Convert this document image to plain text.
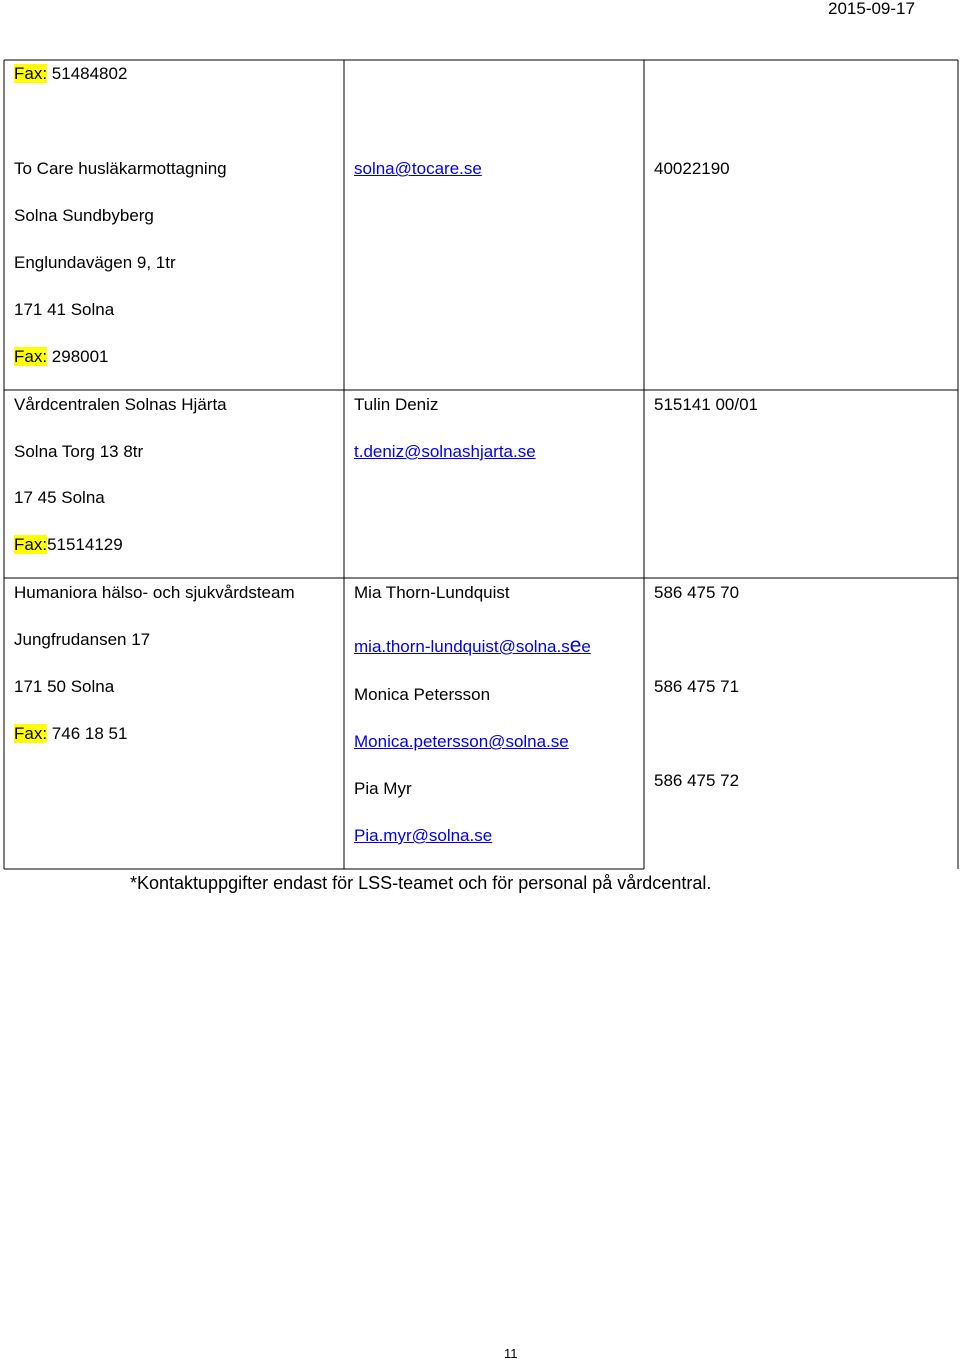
2015-09-17
Fax: 51484802
To Care husläkarmottagning
Solna Sundbyberg
Englundavägen 9, 1tr
171 41 Solna
Fax: 298001
solna@tocare.se	40022190
Vårdcentralen Solnas Hjärta
Solna Torg 13 8tr
17 45 Solna
Fax:51514129
Tulin Deniz
t.deniz@solnashjarta.se
515141 00/01
Humaniora hälso- och sjukvårdsteam
Jungfrudansen 17
171 50 Solna
Fax: 746 18 51
Mia Thorn-Lundquist
mia.thorn-lundquist@solna.see
Monica Petersson
Monica.petersson@solna.se
Pia Myr
Pia.myr@solna.se
586 475 70
586 475 71
586 475 72
*Kontaktuppgifter endast för LSS-teamet och för personal på vårdcentral.
11
